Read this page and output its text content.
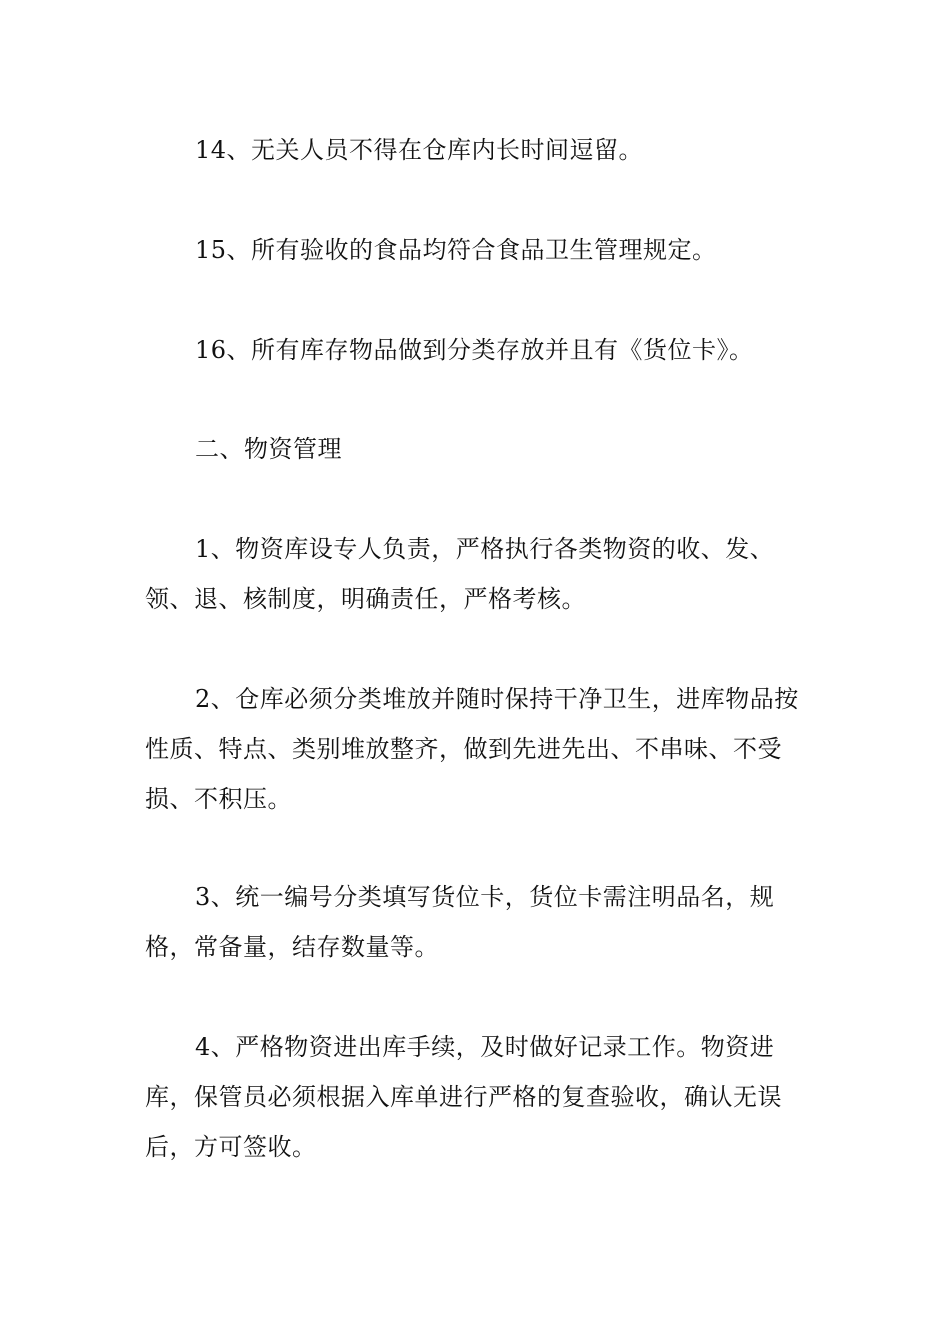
14、无关人员不得在仓库内长时间逗留。

15、所有验收的食品均符合食品卫生管理规定。

16、所有库存物品做到分类存放并且有《货位卡》。

二、物资管理

1、物资库设专人负责，严格执行各类物资的收、发、领、退、核制度，明确责任，严格考核。

2、仓库必须分类堆放并随时保持干净卫生，进库物品按性质、特点、类别堆放整齐，做到先进先出、不串味、不受损、不积压。

3、统一编号分类填写货位卡，货位卡需注明品名，规格，常备量，结存数量等。

4、严格物资进出库手续，及时做好记录工作。物资进库，保管员必须根据入库单进行严格的复查验收，确认无误后，方可签收。
